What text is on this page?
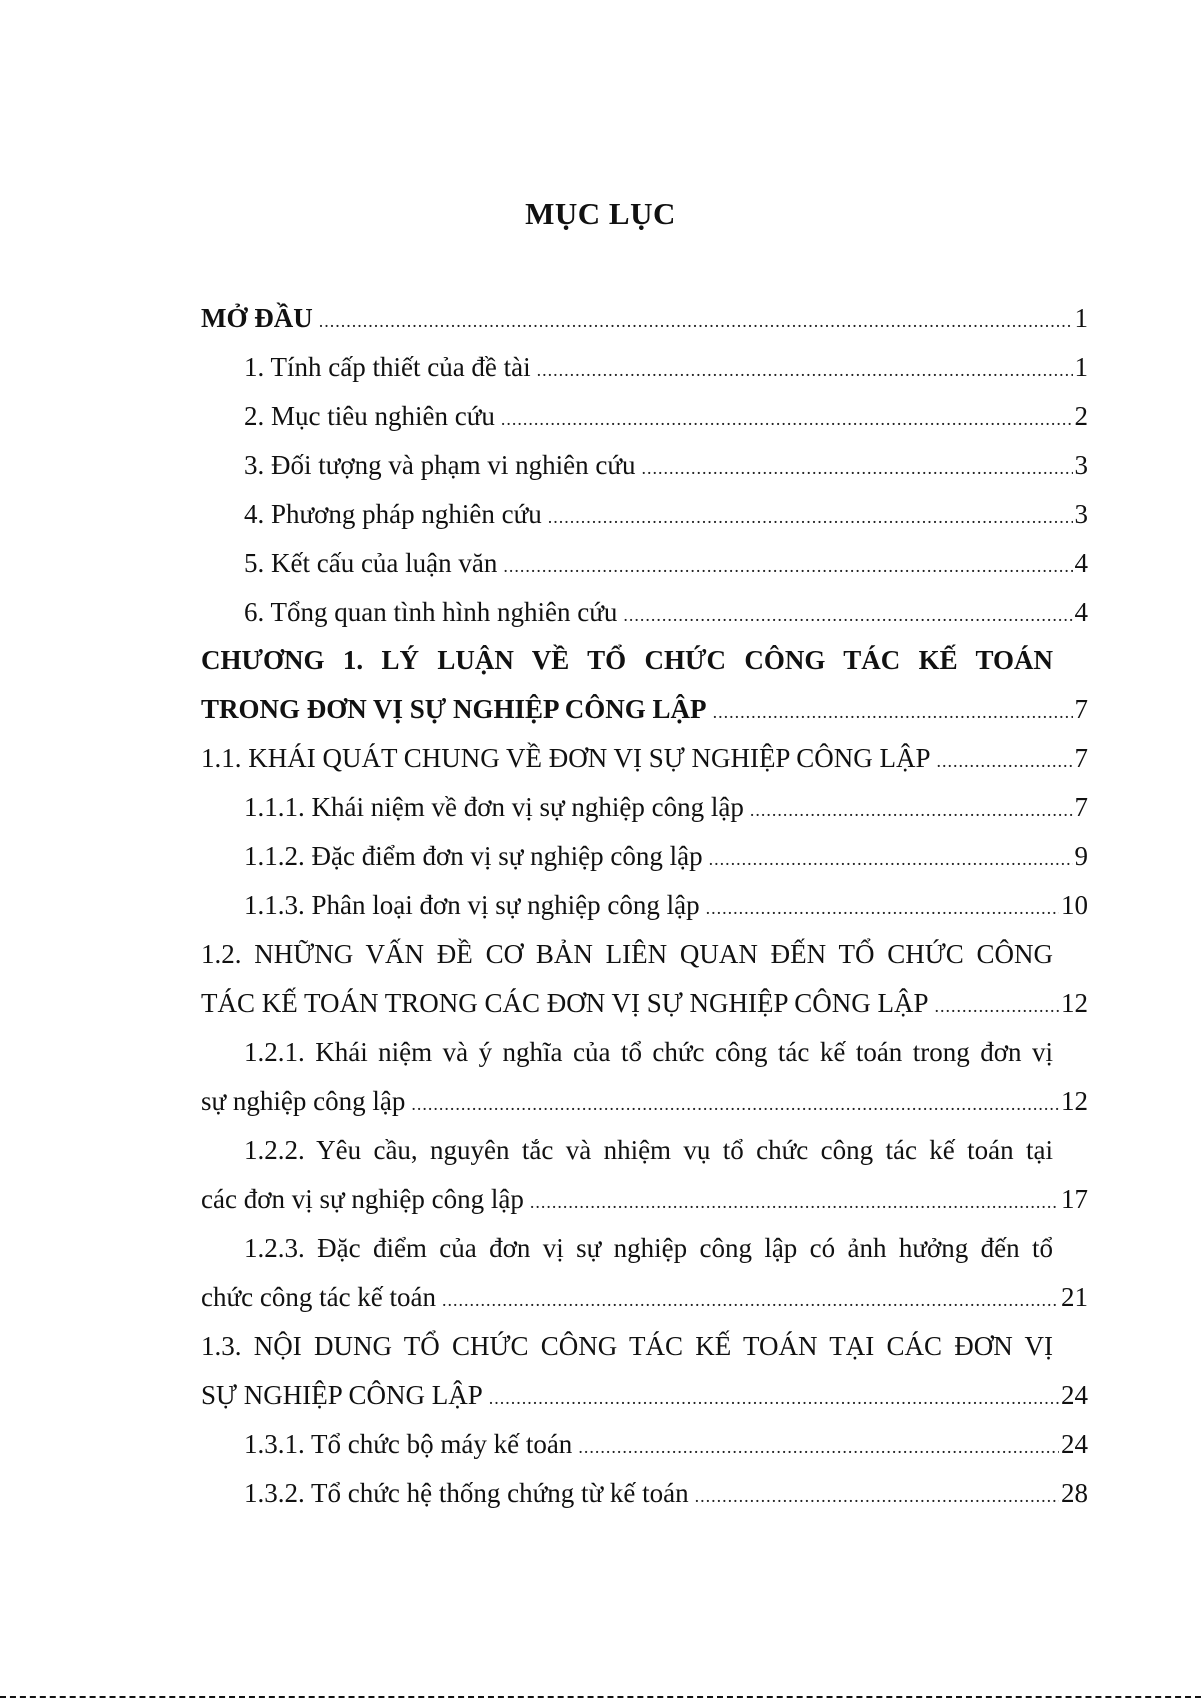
MỤC LỤC
MỞ ĐẦU .....	1
1. Tính cấp thiết của đề tài .....	1
2. Mục tiêu nghiên cứu .....	2
3. Đối tượng và phạm vi nghiên cứu .....	3
4. Phương pháp nghiên cứu .....	3
5. Kết cấu của luận văn .....	4
6. Tổng quan tình hình nghiên cứu .....	4
CHƯƠNG 1. LÝ LUẬN VỀ TỔ CHỨC CÔNG TÁC KẾ TOÁN
TRONG ĐƠN VỊ SỰ NGHIỆP CÔNG LẬP .....	7
1.1. KHÁI QUÁT CHUNG VỀ ĐƠN VỊ SỰ NGHIỆP CÔNG LẬP .....	7
1.1.1. Khái niệm về đơn vị sự nghiệp công lập .....	7
1.1.2. Đặc điểm đơn vị sự nghiệp công lập .....	9
1.1.3. Phân loại đơn vị sự nghiệp công lập .....	10
1.2. NHỮNG VẤN ĐỀ CƠ BẢN LIÊN QUAN ĐẾN TỔ CHỨC CÔNG
TÁC KẾ TOÁN TRONG CÁC ĐƠN VỊ SỰ NGHIỆP CÔNG LẬP .....	12
1.2.1. Khái niệm và ý nghĩa của tổ chức công tác kế toán trong đơn vị
sự nghiệp công lập .....	12
1.2.2. Yêu cầu, nguyên tắc và nhiệm vụ tổ chức công tác kế toán tại
các đơn vị sự nghiệp công lập .....	17
1.2.3. Đặc điểm của đơn vị sự nghiệp công lập có ảnh hưởng đến tổ
chức công tác kế toán .....	21
1.3. NỘI DUNG TỔ CHỨC CÔNG TÁC KẾ TOÁN TẠI CÁC ĐƠN VỊ
SỰ NGHIỆP CÔNG LẬP .....	24
1.3.1. Tổ chức bộ máy kế toán .....	24
1.3.2. Tổ chức hệ thống chứng từ kế toán .....	28
